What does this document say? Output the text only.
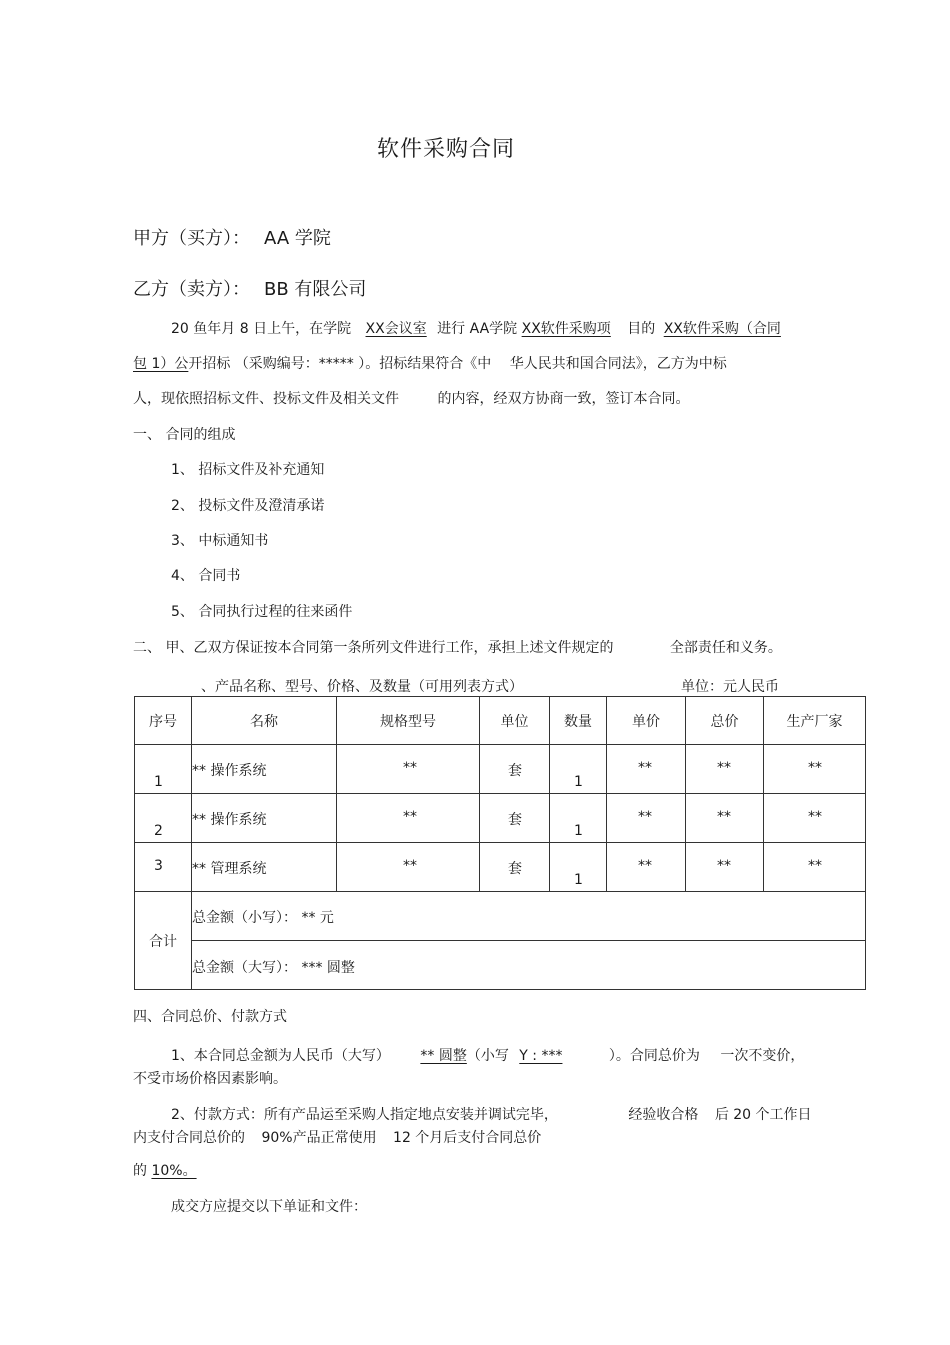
软件采购合同
甲方（买方）： AA 学院
乙方（卖方）： BB 有限公司
20 鱼年月 8 日上午，在学院 XX会议室 进行 AA学院 XX软件采购项 目的 XX软件采购（合同
包 1）公开招标 （采购编号：***** ）。招标结果符合《中 华人民共和国合同法》，乙方为中标
人，现依照招标文件、投标文件及相关文件	的内容，经双方协商一致，签订本合同。
一、 合同的组成
1、 招标文件及补充通知
2、 投标文件及澄清承诺
3、 中标通知书
4、 合同书
5、 合同执行过程的往来函件
二、 甲、乙双方保证按本合同第一条所列文件进行工作，承担上述文件规定的	全部责任和义务。
、产品名称、型号、价格、及数量（可用列表方式）	单位：元人民币
序号	名称	规格型号	单位	数量	单价	总价	生产厂家

1	** 操作系统	**	套	1	**	**	**

2	** 操作系统	**	套	1	**	**	**

3	** 管理系统	**	套	1	**	**	**

合计	总金额（小写）： ** 元						

	总金额（大写）： *** 圆整						
四、合同总价、付款方式
1、本合同总金额为人民币（大写） ** 圆整（小写 Y : ***	）。合同总价为 一次不变价，
不受市场价格因素影响。
2、付款方式：所有产品运至采购人指定地点安装并调试完毕，	经验收合格 后 20 个工作日
内支付合同总价的 90%产品正常使用 12 个月后支付合同总价
的 10%。
成交方应提交以下单证和文件：
